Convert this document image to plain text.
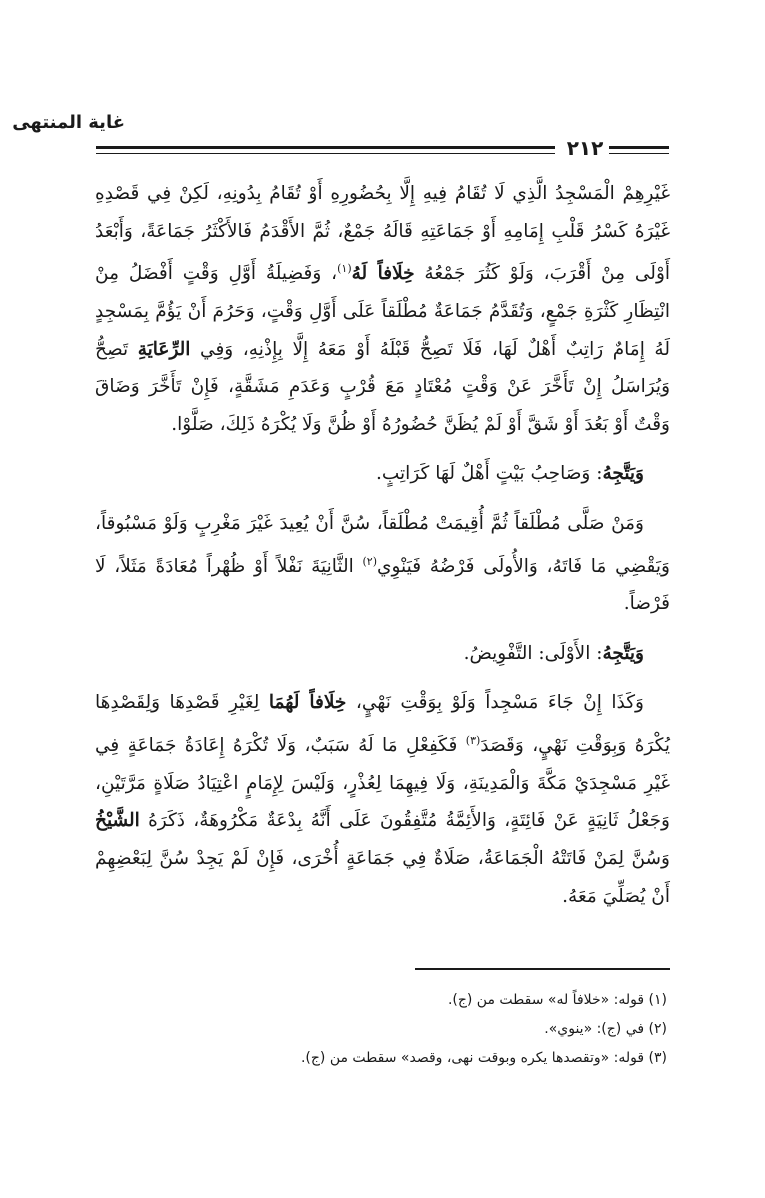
غاية المنتهى
٢١٢

غَيْرِهِمْ الْمَسْجِدُ الَّذِي لَا تُقَامُ فِيهِ إِلَّا بِحُضُورِهِ أَوْ تُقَامُ بِدُونِهِ، لَكِنْ فِي قَصْدِهِ غَيْرَهُ كَسْرُ قَلْبِ إِمَامِهِ أَوْ جَمَاعَتِهِ قَالَهُ جَمْعٌ، ثُمَّ الأَقْدَمُ فَالأَكْثَرُ جَمَاعَةً، وَأَبْعَدُ أَوْلَى مِنْ أَقْرَبَ، وَلَوْ كَثُرَ جَمْعُهُ خِلَافاً لَهُ$^{(١)}$، وَفَضِيلَةُ أَوَّلِ وَقْتٍ أَفْضَلُ مِنْ انْتِظَارِ كَثْرَةِ جَمْعٍ، وَتُقَدَّمُ جَمَاعَةٌ مُطْلَقاً عَلَى أَوَّلِ وَقْتٍ، وَحَرُمَ أَنْ يَؤُمَّ بِمَسْجِدٍ لَهُ إِمَامٌ رَاتِبٌ أَهْلٌ لَهَا، فَلَا تَصِحُّ قَبْلَهُ أَوْ مَعَهُ إِلَّا بِإِذْنِهِ، وَفِي الرِّعَايَةِ تَصِحُّ وَيُرَاسَلُ إِنْ تَأَخَّرَ عَنْ وَقْتٍ مُعْتَادٍ مَعَ قُرْبٍ وَعَدَمِ مَشَقَّةٍ، فَإِنْ تَأَخَّرَ وَضَاقَ وَقْتٌ أَوْ بَعُدَ أَوْ شَقَّ أَوْ لَمْ يُظَنَّ حُضُورُهُ أَوْ ظُنَّ وَلَا يُكْرَهُ ذَلِكَ، صَلَّوْا.

وَيَتَّجِهُ: وَصَاحِبُ بَيْتٍ أَهْلٌ لَهَا كَرَاتِبٍ.

وَمَنْ صَلَّى مُطْلَقاً ثُمَّ أُقِيمَتْ مُطْلَقاً، سُنَّ أَنْ يُعِيدَ غَيْرَ مَغْرِبٍ وَلَوْ مَسْبُوقاً، وَيَقْضِي مَا فَاتَهُ، وَالأُولَى فَرْضُهُ فَيَنْوِي$^{(٢)}$ الثَّانِيَةَ نَفْلاً أَوْ ظُهْراً مُعَادَةً مَثَلاً، لَا فَرْضاً.

وَيَتَّجِهُ: الأَوْلَى: التَّفْوِيضُ.

وَكَذَا إِنْ جَاءَ مَسْجِداً وَلَوْ بِوَقْتِ نَهْيٍ، خِلَافاً لَهُمَا لِغَيْرِ قَصْدِهَا وَلِقَصْدِهَا يُكْرَهُ وَبِوَقْتِ نَهْيٍ، وَقَصَدَ$^{(٣)}$ فَكَفِعْلِ مَا لَهُ سَبَبٌ، وَلَا تُكْرَهُ إِعَادَةُ جَمَاعَةٍ فِي غَيْرِ مَسْجِدَيْ مَكَّةَ وَالْمَدِينَةِ، وَلَا فِيهِمَا لِعُذْرٍ، وَلَيْسَ لِإِمَامٍ اعْتِيَادُ صَلَاةٍ مَرَّتَيْنِ، وَجَعْلُ ثَانِيَةٍ عَنْ فَائِتَةٍ، وَالأَئِمَّةُ مُتَّفِقُونَ عَلَى أَنَّهُ بِدْعَةٌ مَكْرُوهَةٌ، ذَكَرَهُ الشَّيْخُ وَسُنَّ لِمَنْ فَاتَتْهُ الْجَمَاعَةُ، صَلَاةٌ فِي جَمَاعَةٍ أُخْرَى، فَإِنْ لَمْ يَجِدْ سُنَّ لِبَعْضِهِمْ أَنْ يُصَلِّيَ مَعَهُ.

(١) قوله: «خلافاً له» سقطت من (ج).
(٢) في (ج): «ينوي».
(٣) قوله: «وتقصدها يكره وبوقت نهى، وقصد» سقطت من (ج).
